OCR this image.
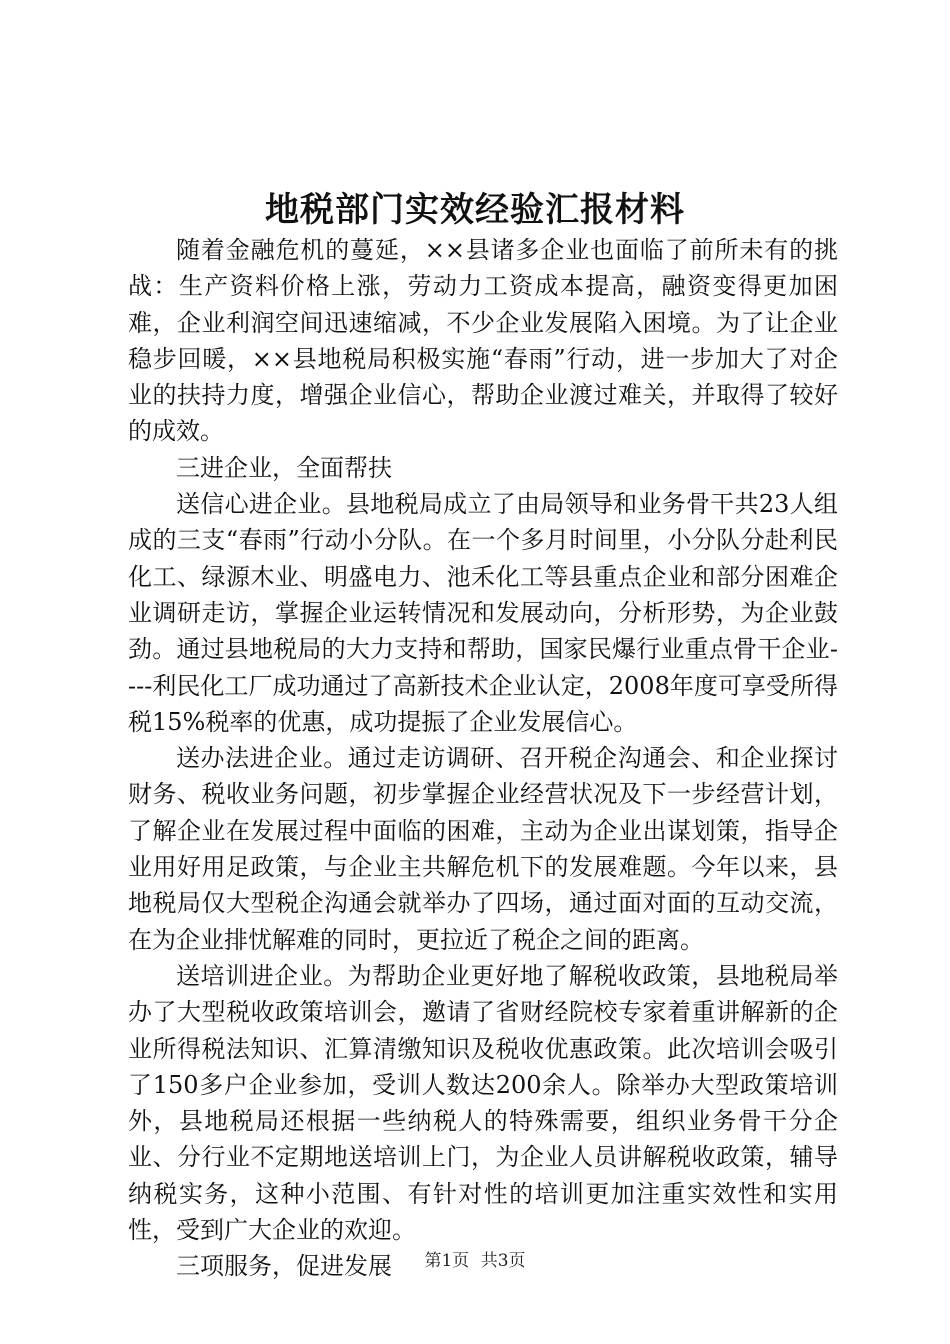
地税部门实效经验汇报材料

随着金融危机的蔓延，××县诸多企业也面临了前所未有的挑战：生产资料价格上涨，劳动力工资成本提高，融资变得更加困难，企业利润空间迅速缩减，不少企业发展陷入困境。为了让企业稳步回暖，××县地税局积极实施“春雨”行动，进一步加大了对企业的扶持力度，增强企业信心，帮助企业渡过难关，并取得了较好的成效。

三进企业，全面帮扶

送信心进企业。县地税局成立了由局领导和业务骨干共23人组成的三支“春雨”行动小分队。在一个多月时间里，小分队分赴利民化工、绿源木业、明盛电力、池禾化工等县重点企业和部分困难企业调研走访，掌握企业运转情况和发展动向，分析形势，为企业鼓劲。通过县地税局的大力支持和帮助，国家民爆行业重点骨干企业----利民化工厂成功通过了高新技术企业认定，2008年度可享受所得税15%税率的优惠，成功提振了企业发展信心。

送办法进企业。通过走访调研、召开税企沟通会、和企业探讨财务、税收业务问题，初步掌握企业经营状况及下一步经营计划，了解企业在发展过程中面临的困难，主动为企业出谋划策，指导企业用好用足政策，与企业主共解危机下的发展难题。今年以来，县地税局仅大型税企沟通会就举办了四场，通过面对面的互动交流，在为企业排忧解难的同时，更拉近了税企之间的距离。

送培训进企业。为帮助企业更好地了解税收政策，县地税局举办了大型税收政策培训会，邀请了省财经院校专家着重讲解新的企业所得税法知识、汇算清缴知识及税收优惠政策。此次培训会吸引了150多户企业参加，受训人数达200余人。除举办大型政策培训外，县地税局还根据一些纳税人的特殊需要，组织业务骨干分企业、分行业不定期地送培训上门，为企业人员讲解税收政策，辅导纳税实务，这种小范围、有针对性的培训更加注重实效性和实用性，受到广大企业的欢迎。

三项服务，促进发展	第1页 共3页
